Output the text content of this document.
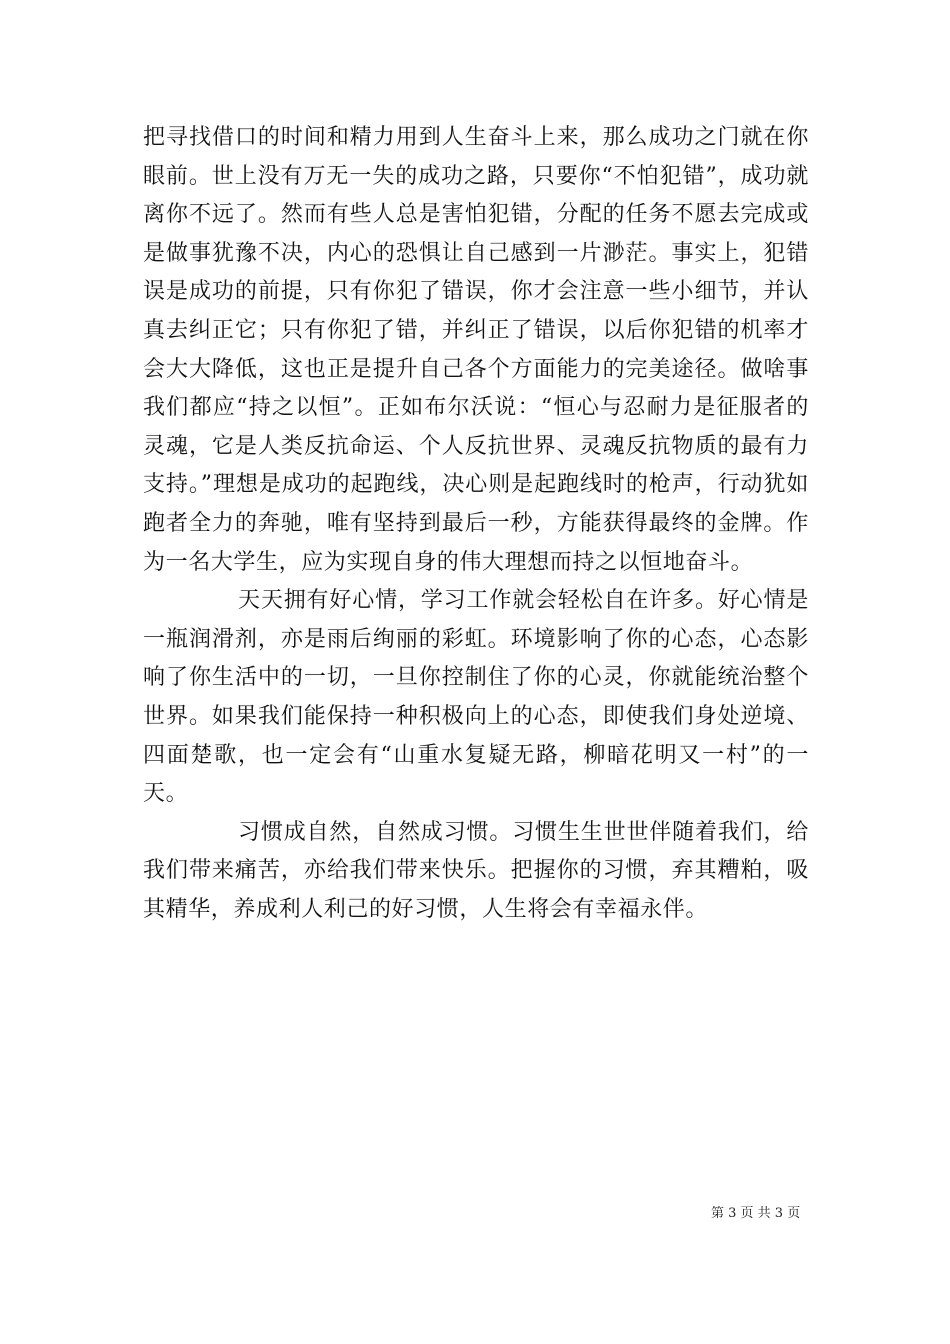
把寻找借口的时间和精力用到人生奋斗上来，那么成功之门就在你眼前。世上没有万无一失的成功之路，只要你“不怕犯错”，成功就离你不远了。然而有些人总是害怕犯错，分配的任务不愿去完成或是做事犹豫不决，内心的恐惧让自己感到一片渺茫。事实上，犯错误是成功的前提，只有你犯了错误，你才会注意一些小细节，并认真去纠正它；只有你犯了错，并纠正了错误，以后你犯错的机率才会大大降低，这也正是提升自己各个方面能力的完美途径。做啥事我们都应“持之以恒”。正如布尔沃说：“恒心与忍耐力是征服者的灵魂，它是人类反抗命运、个人反抗世界、灵魂反抗物质的最有力支持。”理想是成功的起跑线，决心则是起跑线时的枪声，行动犹如跑者全力的奔驰，唯有坚持到最后一秒，方能获得最终的金牌。作为一名大学生，应为实现自身的伟大理想而持之以恒地奋斗。

天天拥有好心情，学习工作就会轻松自在许多。好心情是一瓶润滑剂，亦是雨后绚丽的彩虹。环境影响了你的心态，心态影响了你生活中的一切，一旦你控制住了你的心灵，你就能统治整个世界。如果我们能保持一种积极向上的心态，即使我们身处逆境、四面楚歌，也一定会有“山重水复疑无路，柳暗花明又一村”的一天。

习惯成自然，自然成习惯。习惯生生世世伴随着我们，给我们带来痛苦，亦给我们带来快乐。把握你的习惯，弃其糟粕，吸其精华，养成利人利己的好习惯，人生将会有幸福永伴。

第 3 页 共 3 页
